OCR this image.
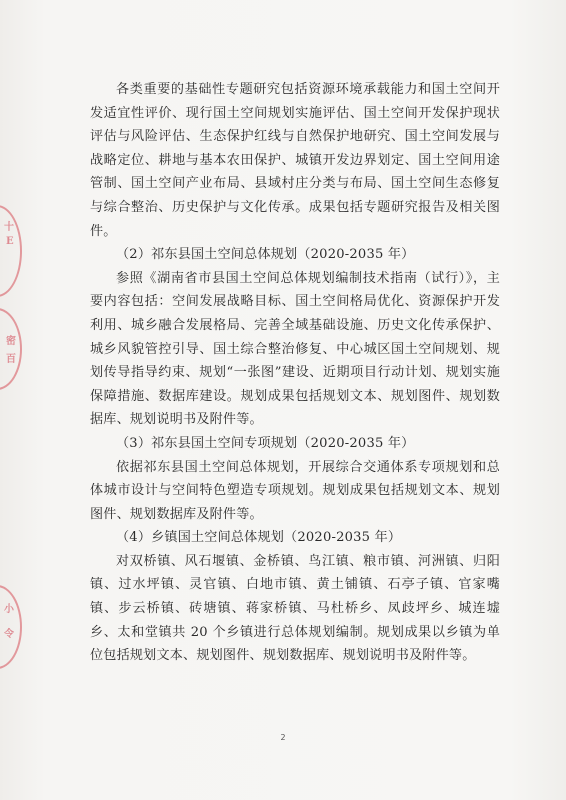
十
E
密
百
小
令

各类重要的基础性专题研究包括资源环境承载能力和国土空间开发适宜性评价、现行国土空间规划实施评估、国土空间开发保护现状评估与风险评估、生态保护红线与自然保护地研究、国土空间发展与战略定位、耕地与基本农田保护、城镇开发边界划定、国土空间用途管制、国土空间产业布局、县域村庄分类与布局、国土空间生态修复与综合整治、历史保护与文化传承。成果包括专题研究报告及相关图件。

（2）祁东县国土空间总体规划（2020-2035 年）

参照《湖南省市县国土空间总体规划编制技术指南（试行）》，主要内容包括：空间发展战略目标、国土空间格局优化、资源保护开发利用、城乡融合发展格局、完善全域基础设施、历史文化传承保护、城乡风貌管控引导、国土综合整治修复、中心城区国土空间规划、规划传导指导约束、规划“一张图”建设、近期项目行动计划、规划实施保障措施、数据库建设。规划成果包括规划文本、规划图件、规划数据库、规划说明书及附件等。

（3）祁东县国土空间专项规划（2020-2035 年）

依据祁东县国土空间总体规划，开展综合交通体系专项规划和总体城市设计与空间特色塑造专项规划。规划成果包括规划文本、规划图件、规划数据库及附件等。

（4）乡镇国土空间总体规划（2020-2035 年）

对双桥镇、风石堰镇、金桥镇、鸟江镇、粮市镇、河洲镇、归阳镇、过水坪镇、灵官镇、白地市镇、黄土铺镇、石亭子镇、官家嘴镇、步云桥镇、砖塘镇、蒋家桥镇、马杜桥乡、凤歧坪乡、城连墟乡、太和堂镇共 20 个乡镇进行总体规划编制。规划成果以乡镇为单位包括规划文本、规划图件、规划数据库、规划说明书及附件等。

2
